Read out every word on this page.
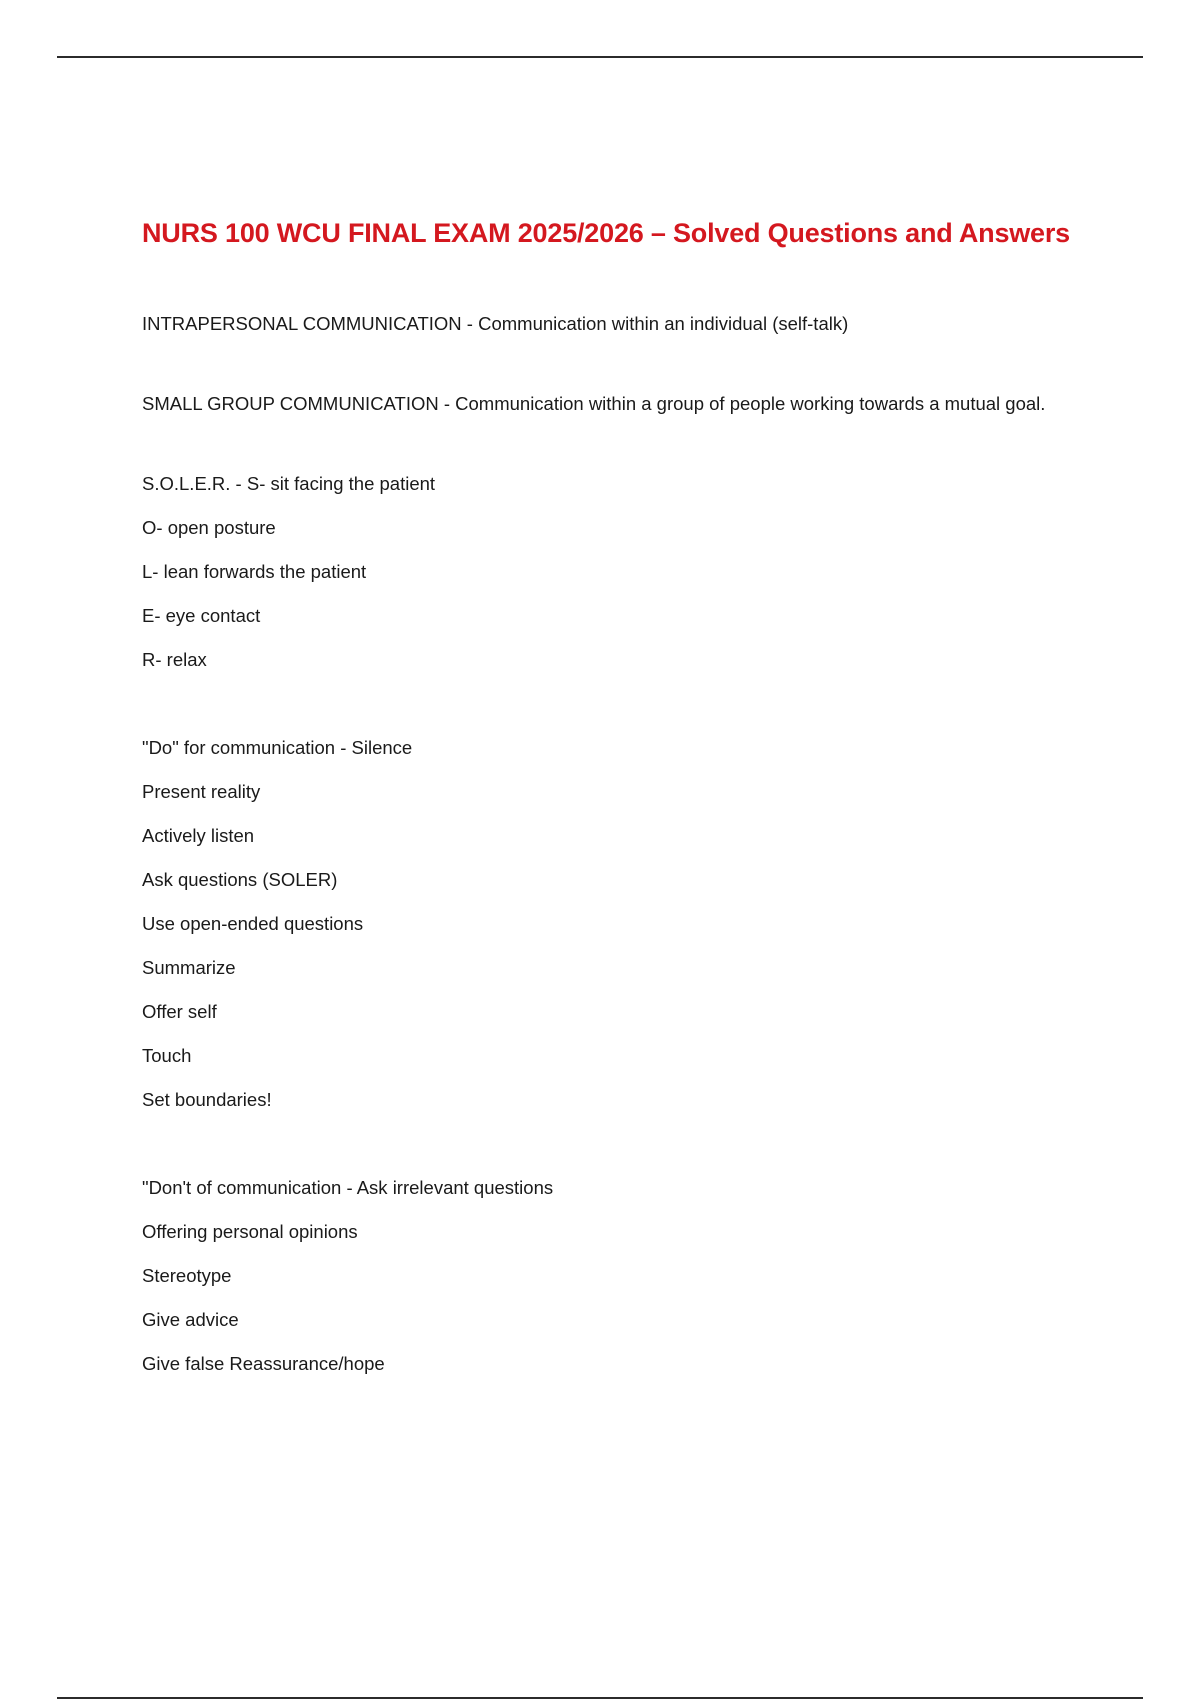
NURS 100 WCU FINAL EXAM 2025/2026 – Solved Questions and Answers
INTRAPERSONAL COMMUNICATION - Communication within an individual (self-talk)
SMALL GROUP COMMUNICATION - Communication within a group of people working towards a mutual goal.
S.O.L.E.R. - S- sit facing the patient
O- open posture
L- lean forwards the patient
E- eye contact
R- relax
"Do" for communication - Silence
Present reality
Actively listen
Ask questions (SOLER)
Use open-ended questions
Summarize
Offer self
Touch
Set boundaries!
"Don't of communication - Ask irrelevant questions
Offering personal opinions
Stereotype
Give advice
Give false Reassurance/hope
